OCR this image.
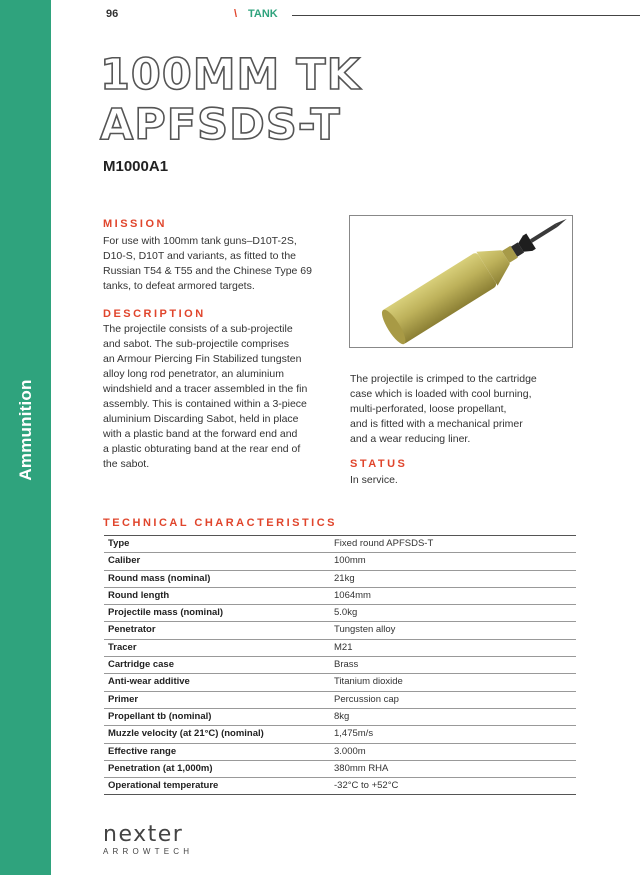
Ammunition
96	\ TANK
100MM TK
APFSDS-T
M1000A1
MISSION
For use with 100mm tank guns–D10T-2S,
D10-S, D10T and variants, as fitted to the
Russian T54 & T55 and the Chinese Type 69
tanks, to defeat armored targets.
DESCRIPTION
The projectile consists of a sub-projectile
and sabot. The sub-projectile comprises
an Armour Piercing Fin Stabilized tungsten
alloy long rod penetrator, an aluminium
windshield and a tracer assembled in the fin
assembly. This is contained within a 3-piece
aluminium Discarding Sabot, held in place
with a plastic band at the forward end and
a plastic obturating band at the rear end of
the sabot.
The projectile is crimped to the cartridge
case which is loaded with cool burning,
multi-perforated, loose propellant,
and is fitted with a mechanical primer
and a wear reducing liner.
STATUS
In service.
TECHNICAL CHARACTERISTICS
Type	Fixed round APFSDS-T
Caliber	100mm
Round mass (nominal)	21kg
Round length	1064mm
Projectile mass (nominal)	5.0kg
Penetrator	Tungsten alloy
Tracer	M21
Cartridge case	Brass
Anti-wear additive	Titanium dioxide
Primer	Percussion cap
Propellant tb (nominal)	8kg
Muzzle velocity (at 21°C) (nominal)	1,475m/s
Effective range	3.000m
Penetration (at 1,000m)	380mm RHA
Operational temperature	-32°C to +52°C
nexter
ARROWTECH
